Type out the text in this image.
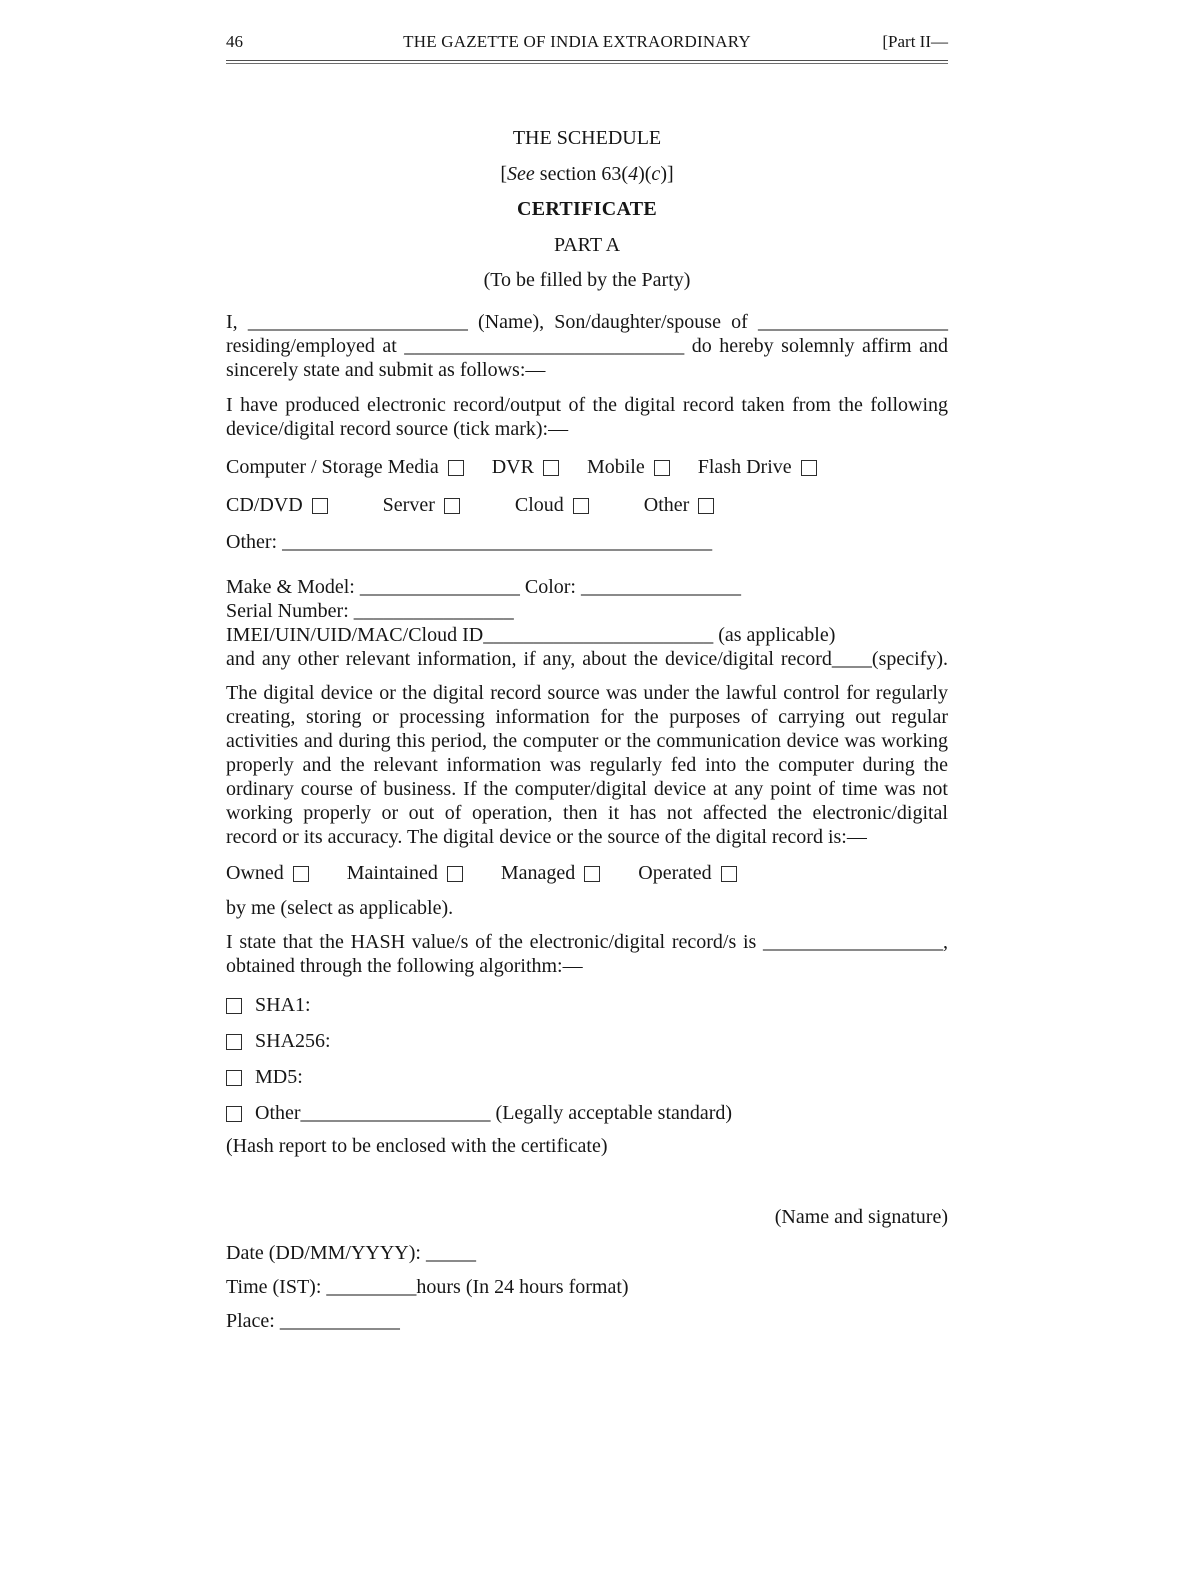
46	THE GAZETTE OF INDIA EXTRAORDINARY	[Part II—
THE SCHEDULE
[See section 63(4)(c)]
CERTIFICATE
PART A
(To be filled by the Party)
I, ______________________ (Name), Son/daughter/spouse of ___________________
residing/employed at ____________________________ do hereby solemnly affirm and
sincerely state and submit as follows:—
I have produced electronic record/output of the digital record taken from the following
device/digital record source (tick mark):—
Computer / Storage Media	DVR	Mobile	Flash Drive
CD/DVD	Server	Cloud	Other
Other: ___________________________________________
Make & Model: ________________ Color: ________________
Serial Number: ________________
IMEI/UIN/UID/MAC/Cloud ID_______________________ (as applicable)
and any other relevant information, if any, about the device/digital record____(specify).
The digital device or the digital record source was under the lawful control for regularly
creating, storing or processing information for the purposes of carrying out regular
activities and during this period, the computer or the communication device was working
properly and the relevant information was regularly fed into the computer during the
ordinary course of business. If the computer/digital device at any point of time was not
working properly or out of operation, then it has not affected the electronic/digital
record or its accuracy. The digital device or the source of the digital record is:—
Owned	Maintained	Managed	Operated
by me (select as applicable).
I state that the HASH value/s of the electronic/digital record/s is __________________,
obtained through the following algorithm:—
SHA1:
SHA256:
MD5:
Other___________________ (Legally acceptable standard)
(Hash report to be enclosed with the certificate)
(Name and signature)
Date (DD/MM/YYYY): _____
Time (IST): _________hours (In 24 hours format)
Place: ____________
